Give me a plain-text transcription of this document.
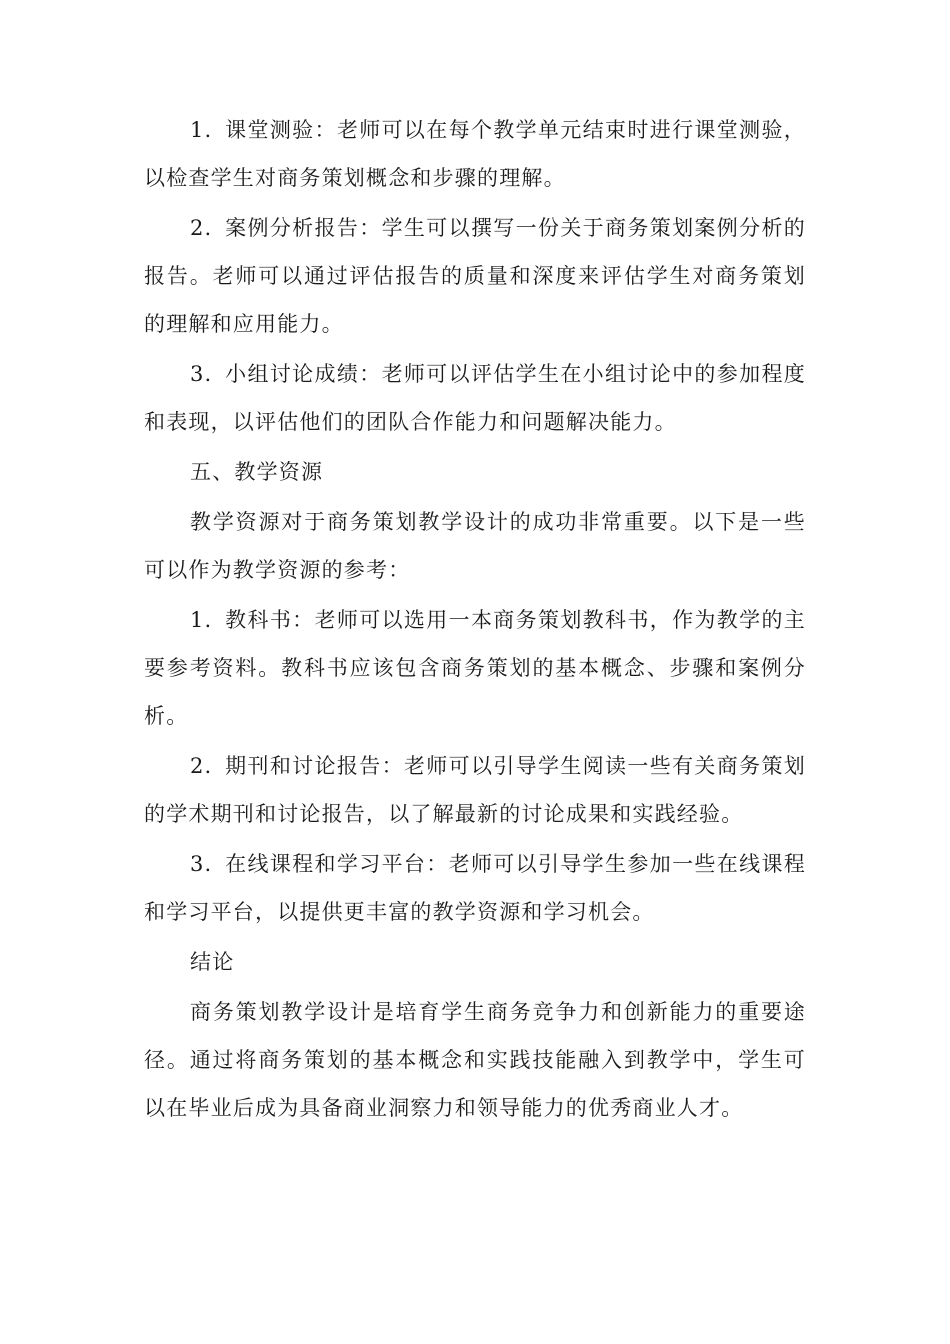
1. 课堂测验：老师可以在每个教学单元结束时进行课堂测验，以检查学生对商务策划概念和步骤的理解。

2. 案例分析报告：学生可以撰写一份关于商务策划案例分析的报告。老师可以通过评估报告的质量和深度来评估学生对商务策划的理解和应用能力。

3. 小组讨论成绩：老师可以评估学生在小组讨论中的参加程度和表现，以评估他们的团队合作能力和问题解决能力。

五、教学资源

教学资源对于商务策划教学设计的成功非常重要。以下是一些可以作为教学资源的参考：

1. 教科书：老师可以选用一本商务策划教科书，作为教学的主要参考资料。教科书应该包含商务策划的基本概念、步骤和案例分析。

2. 期刊和讨论报告：老师可以引导学生阅读一些有关商务策划的学术期刊和讨论报告，以了解最新的讨论成果和实践经验。

3. 在线课程和学习平台：老师可以引导学生参加一些在线课程和学习平台，以提供更丰富的教学资源和学习机会。

结论

商务策划教学设计是培育学生商务竞争力和创新能力的重要途径。通过将商务策划的基本概念和实践技能融入到教学中，学生可以在毕业后成为具备商业洞察力和领导能力的优秀商业人才。
